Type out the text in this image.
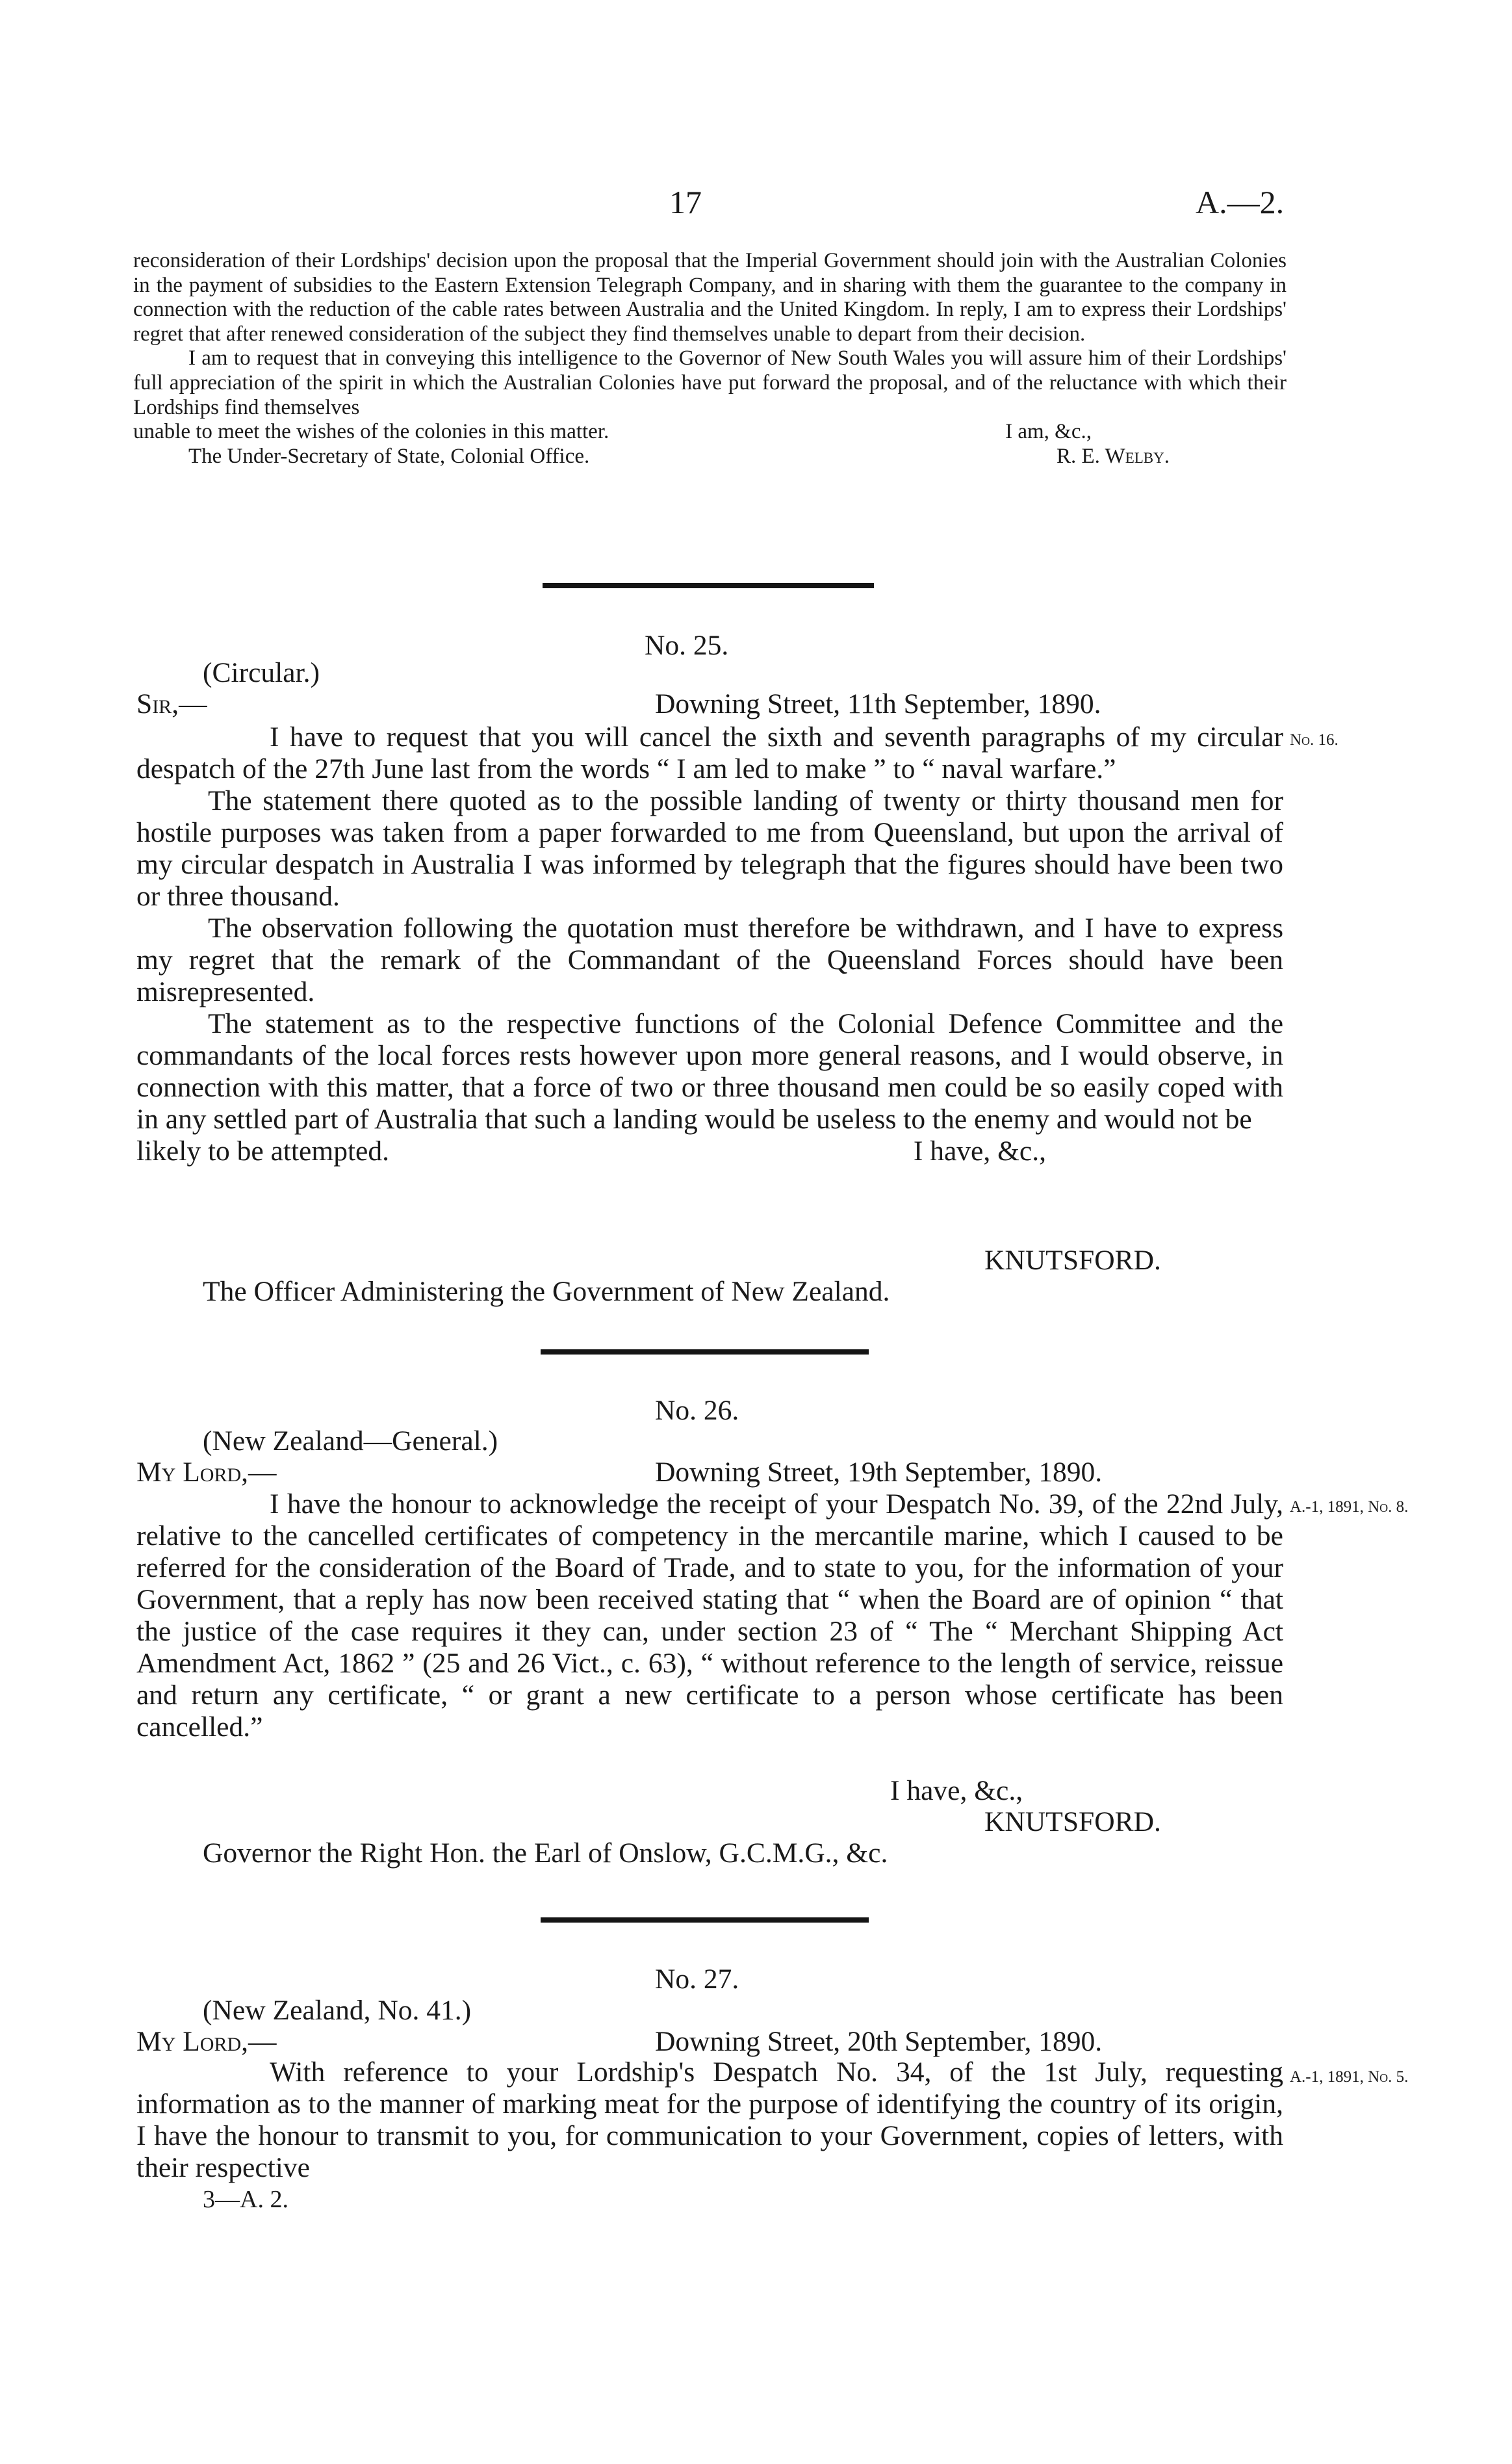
17	A.—2.

reconsideration of their Lordships' decision upon the proposal that the Imperial Government should join with the Australian Colonies in the payment of subsidies to the Eastern Extension Telegraph Company, and in sharing with them the guarantee to the company in connection with the reduction of the cable rates between Australia and the United Kingdom. In reply, I am to express their Lordships' regret that after renewed consideration of the subject they find themselves unable to depart from their decision.

I am to request that in conveying this intelligence to the Governor of New South Wales you will assure him of their Lordships' full appreciation of the spirit in which the Australian Colonies have put forward the proposal, and of the reluctance with which their Lordships find themselves

unable to meet the wishes of the colonies in this matter.	I am, &c.,
The Under-Secretary of State, Colonial Office.	R. E. Welby.
No. 25.
(Circular.)
Sir,—	Downing Street, 11th September, 1890.
No. 16.

I have to request that you will cancel the sixth and seventh paragraphs of my circular despatch of the 27th June last from the words “ I am led to make ” to “ naval warfare.”

The statement there quoted as to the possible landing of twenty or thirty thousand men for hostile purposes was taken from a paper forwarded to me from Queensland, but upon the arrival of my circular despatch in Australia I was informed by telegraph that the figures should have been two or three thousand.

The observation following the quotation must therefore be withdrawn, and I have to express my regret that the remark of the Commandant of the Queensland Forces should have been misrepresented.

The statement as to the respective functions of the Colonial Defence Committee and the commandants of the local forces rests however upon more general reasons, and I would observe, in connection with this matter, that a force of two or three thousand men could be so easily coped with in any settled part of Australia that such a landing would be useless to the enemy and would not be

likely to be attempted.	I have, &c.,
KNUTSFORD.
The Officer Administering the Government of New Zealand.
No. 26.
(New Zealand—General.)
My Lord,—	Downing Street, 19th September, 1890.
A.-1, 1891, No. 8.

I have the honour to acknowledge the receipt of your Despatch No. 39, of the 22nd July, relative to the cancelled certificates of competency in the mercantile marine, which I caused to be referred for the consideration of the Board of Trade, and to state to you, for the information of your Government, that a reply has now been received stating that “ when the Board are of opinion “ that the justice of the case requires it they can, under section 23 of “ The “ Merchant Shipping Act Amendment Act, 1862 ” (25 and 26 Vict., c. 63), “ without reference to the length of service, reissue and return any certificate, “ or grant a new certificate to a person whose certificate has been cancelled.”

I have, &c.,
KNUTSFORD.
Governor the Right Hon. the Earl of Onslow, G.C.M.G., &c.
No. 27.
(New Zealand, No. 41.)
My Lord,—	Downing Street, 20th September, 1890.
A.-1, 1891, No. 5.

With reference to your Lordship's Despatch No. 34, of the 1st July, requesting information as to the manner of marking meat for the purpose of identifying the country of its origin, I have the honour to transmit to you, for communication to your Government, copies of letters, with their respective

3—A. 2.
